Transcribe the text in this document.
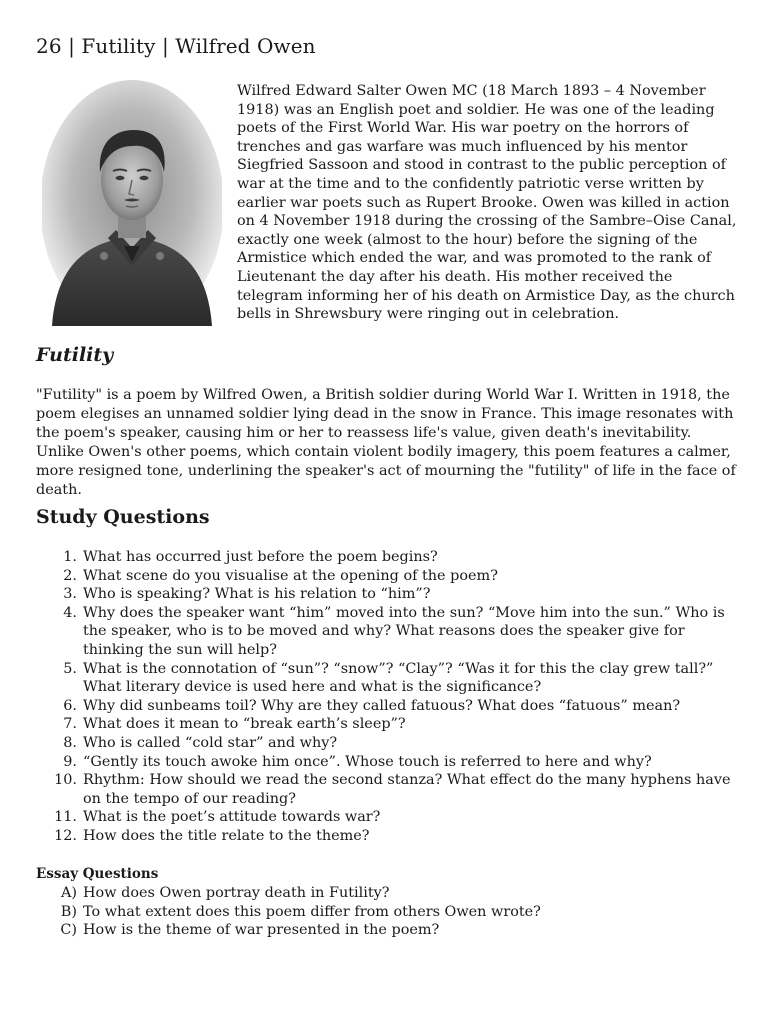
26 | Futility | Wilfred Owen

Wilfred Edward Salter Owen MC (18 March 1893 – 4 November 1918) was an English poet and soldier. He was one of the leading poets of the First World War. His war poetry on the horrors of trenches and gas warfare was much influenced by his mentor Siegfried Sassoon and stood in contrast to the public perception of war at the time and to the confidently patriotic verse written by earlier war poets such as Rupert Brooke. Owen was killed in action on 4 November 1918 during the crossing of the Sambre–Oise Canal, exactly one week (almost to the hour) before the signing of the Armistice which ended the war, and was promoted to the rank of Lieutenant the day after his death. His mother received the telegram informing her of his death on Armistice Day, as the church bells in Shrewsbury were ringing out in celebration.

Futility

"Futility" is a poem by Wilfred Owen, a British soldier during World War I. Written in 1918, the poem elegises an unnamed soldier lying dead in the snow in France. This image resonates with the poem's speaker, causing him or her to reassess life's value, given death's inevitability. Unlike Owen's other poems, which contain violent bodily imagery, this poem features a calmer, more resigned tone, underlining the speaker's act of mourning the "futility" of life in the face of death.

Study Questions
1. What has occurred just before the poem begins?
2. What scene do you visualise at the opening of the poem?
3. Who is speaking? What is his relation to “him”?
4. Why does the speaker want “him” moved into the sun? “Move him into the sun.” Who is the speaker, who is to be moved and why? What reasons does the speaker give for thinking the sun will help?
5. What is the connotation of “sun”? “snow”? “Clay”? “Was it for this the clay grew tall?” What literary device is used here and what is the significance?
6. Why did sunbeams toil? Why are they called fatuous? What does “fatuous” mean?
7. What does it mean to “break earth’s sleep”?
8. Who is called “cold star” and why?
9. “Gently its touch awoke him once”. Whose touch is referred to here and why?
10. Rhythm: How should we read the second stanza? What effect do the many hyphens have on the tempo of our reading?
11. What is the poet’s attitude towards war?
12. How does the title relate to the theme?
Essay Questions
A) How does Owen portray death in Futility?
B) To what extent does this poem differ from others Owen wrote?
C) How is the theme of war presented in the poem?
